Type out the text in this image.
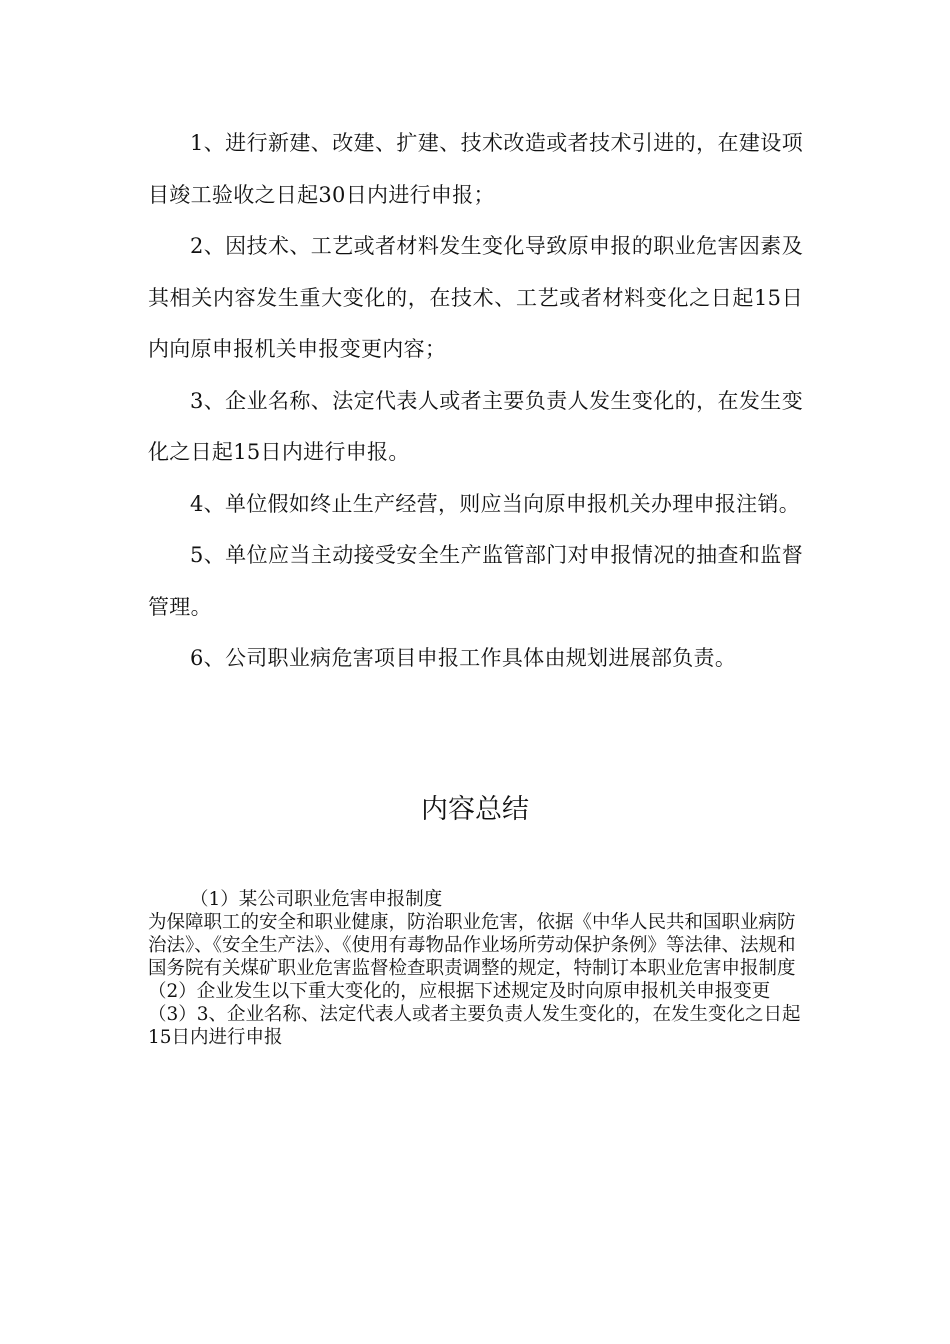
1、进行新建、改建、扩建、技术改造或者技术引进的，在建设项目竣工验收之日起30日内进行申报；

2、因技术、工艺或者材料发生变化导致原申报的职业危害因素及其相关内容发生重大变化的，在技术、工艺或者材料变化之日起15日内向原申报机关申报变更内容；

3、企业名称、法定代表人或者主要负责人发生变化的，在发生变化之日起15日内进行申报。

4、单位假如终止生产经营，则应当向原申报机关办理申报注销。

5、单位应当主动接受安全生产监管部门对申报情况的抽查和监督管理。

6、公司职业病危害项目申报工作具体由规划进展部负责。

内容总结

（1）某公司职业危害申报制度

为保障职工的安全和职业健康，防治职业危害，依据《中华人民共和国职业病防治法》、《安全生产法》、《使用有毒物品作业场所劳动保护条例》等法律、法规和国务院有关煤矿职业危害监督检查职责调整的规定，特制订本职业危害申报制度

（2）企业发生以下重大变化的，应根据下述规定及时向原申报机关申报变更

（3）3、企业名称、法定代表人或者主要负责人发生变化的，在发生变化之日起15日内进行申报
